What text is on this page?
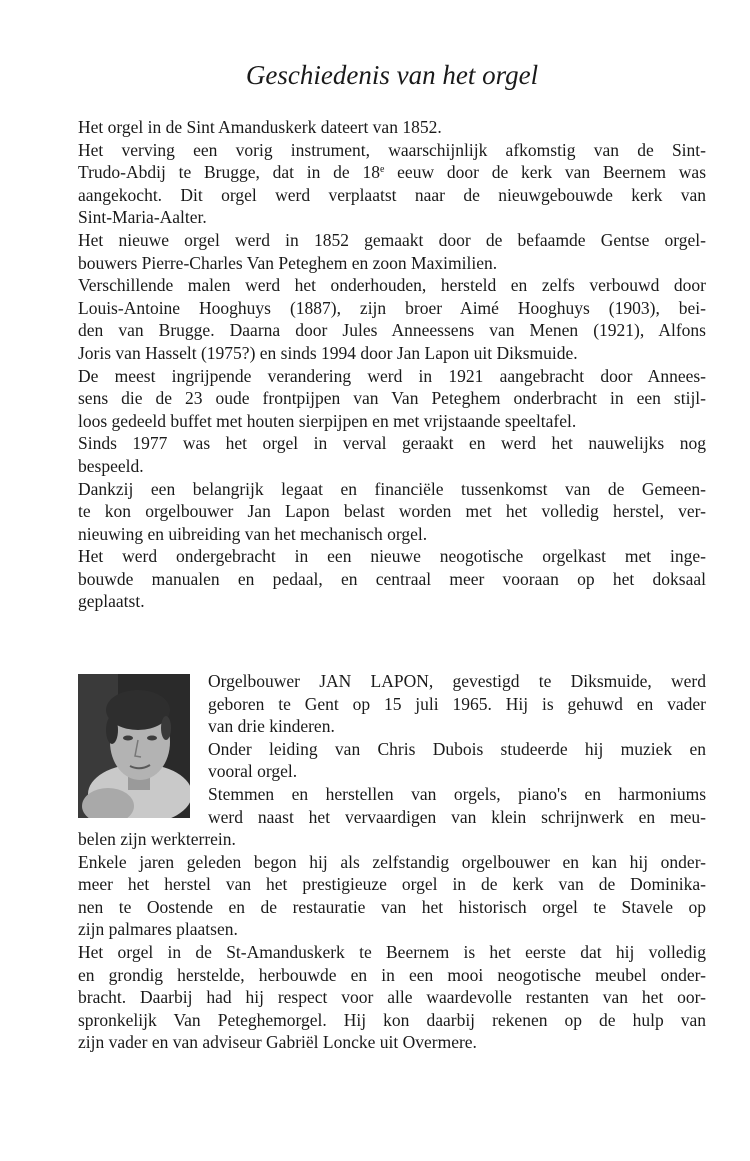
Geschiedenis van het orgel
Het orgel in de Sint Amanduskerk dateert van 1852.
Het verving een vorig instrument, waarschijnlijk afkomstig van de Sint-
Trudo-Abdij te Brugge, dat in de 18e eeuw door de kerk van Beernem was
aangekocht. Dit orgel werd verplaatst naar de nieuwgebouwde kerk van
Sint-Maria-Aalter.
Het nieuwe orgel werd in 1852 gemaakt door de befaamde Gentse orgel-
bouwers Pierre-Charles Van Peteghem en zoon Maximilien.
Verschillende malen werd het onderhouden, hersteld en zelfs verbouwd door
Louis-Antoine Hooghuys (1887), zijn broer Aimé Hooghuys (1903), bei-
den van Brugge. Daarna door Jules Anneessens van Menen (1921), Alfons
Joris van Hasselt (1975?) en sinds 1994 door Jan Lapon uit Diksmuide.
De meest ingrijpende verandering werd in 1921 aangebracht door Annees-
sens die de 23 oude frontpijpen van Van Peteghem onderbracht in een stijl-
loos gedeeld buffet met houten sierpijpen en met vrijstaande speeltafel.
Sinds 1977 was het orgel in verval geraakt en werd het nauwelijks nog
bespeeld.
Dankzij een belangrijk legaat en financiële tussenkomst van de Gemeen-
te kon orgelbouwer Jan Lapon belast worden met het volledig herstel, ver-
nieuwing en uibreiding van het mechanisch orgel.
Het werd ondergebracht in een nieuwe neogotische orgelkast met inge-
bouwde manualen en pedaal, en centraal meer vooraan op het doksaal
geplaatst.
Orgelbouwer JAN LAPON, gevestigd te Diksmuide, werd
geboren te Gent op 15 juli 1965. Hij is gehuwd en vader
van drie kinderen.
Onder leiding van Chris Dubois studeerde hij muziek en
vooral orgel.
Stemmen en herstellen van orgels, piano's en harmoniums
werd naast het vervaardigen van klein schrijnwerk en meu-
belen zijn werkterrein.
Enkele jaren geleden begon hij als zelfstandig orgelbouwer en kan hij onder-
meer het herstel van het prestigieuze orgel in de kerk van de Dominika-
nen te Oostende en de restauratie van het historisch orgel te Stavele op
zijn palmares plaatsen.
Het orgel in de St-Amanduskerk te Beernem is het eerste dat hij volledig
en grondig herstelde, herbouwde en in een mooi neogotische meubel onder-
bracht. Daarbij had hij respect voor alle waardevolle restanten van het oor-
spronkelijk Van Peteghemorgel. Hij kon daarbij rekenen op de hulp van
zijn vader en van adviseur Gabriël Loncke uit Overmere.
